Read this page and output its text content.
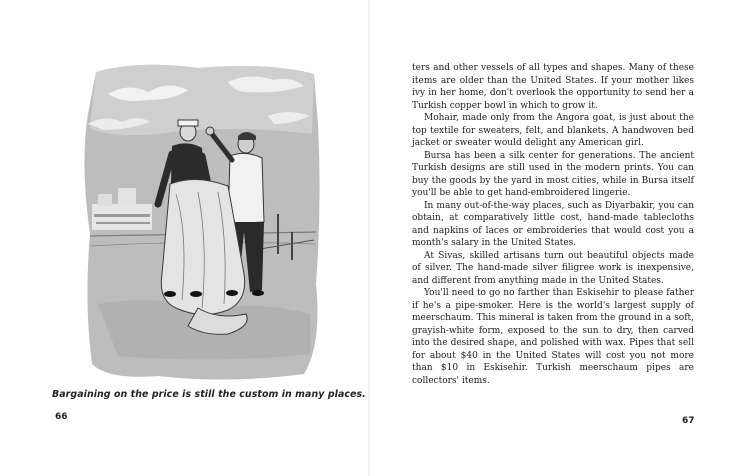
Bargaining on the price is still the custom in many places.
66

ters and other vessels of all types and shapes. Many of these items are older than the United States. If your mother likes ivy in her home, don't overlook the opportunity to send her a Turkish copper bowl in which to grow it.

Mohair, made only from the Angora goat, is just about the top textile for sweaters, felt, and blankets. A handwoven bed jacket or sweater would delight any American girl.

Bursa has been a silk center for generations. The ancient Turkish designs are still used in the modern prints. You can buy the goods by the yard in most cities, while in Bursa itself you'll be able to get hand-embroidered lingerie.

In many out-of-the-way places, such as Diyarbakir, you can obtain, at comparatively little cost, hand-made tablecloths and napkins of laces or embroideries that would cost you a month's salary in the United States.

At Sivas, skilled artisans turn out beautiful objects made of silver. The hand-made silver filigree work is inexpensive, and different from anything made in the United States.

You'll need to go no farther than Eskisehir to please father if he's a pipe-smoker. Here is the world's largest supply of meerschaum. This mineral is taken from the ground in a soft, grayish-white form, exposed to the sun to dry, then carved into the desired shape, and polished with wax. Pipes that sell for about $40 in the United States will cost you not more than $10 in Eskisehir. Turkish meerschaum pipes are collectors' items.

67
